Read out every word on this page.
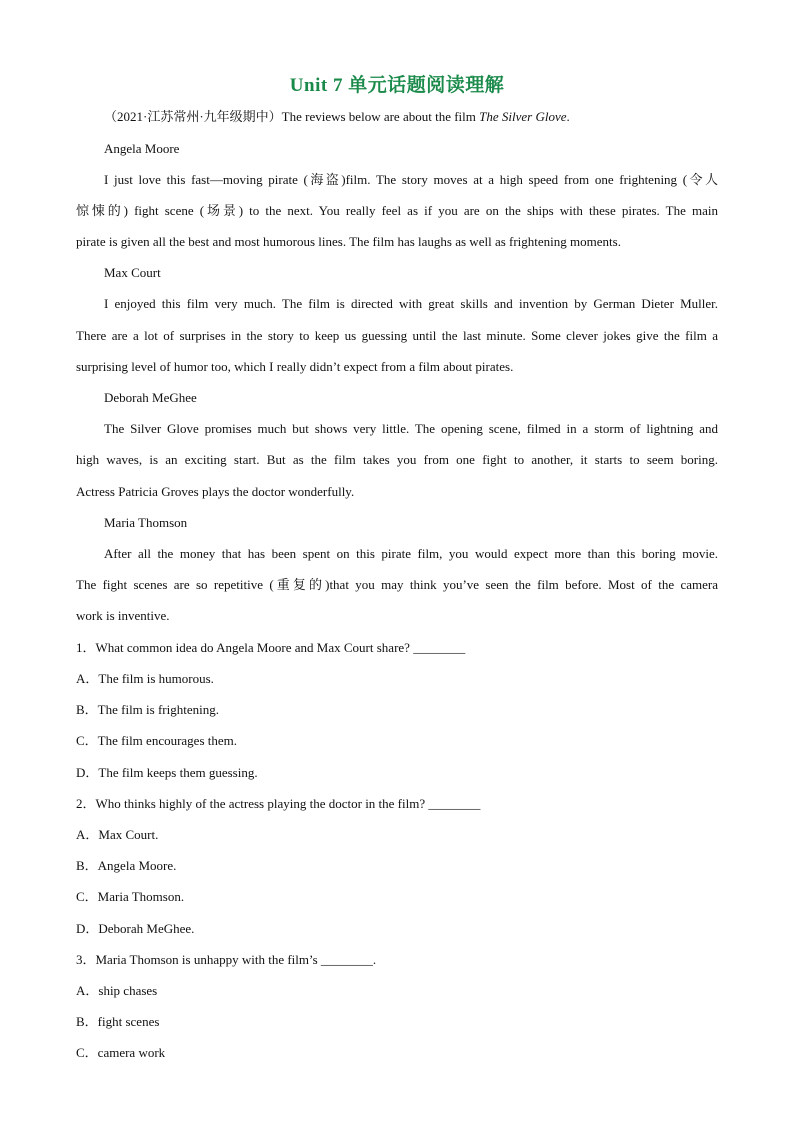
Unit 7 单元话题阅读理解
（2021·江苏常州·九年级期中）The reviews below are about the film The Silver Glove.
Angela Moore
I just love this fast—moving pirate (海盗)film. The story moves at a high speed from one frightening (令人
惊悚的) fight scene (场景) to the next. You really feel as if you are on the ships with these pirates. The main
pirate is given all the best and most humorous lines. The film has laughs as well as frightening moments.
Max Court
I enjoyed this film very much. The film is directed with great skills and invention by German Dieter Muller.
There are a lot of surprises in the story to keep us guessing until the last minute. Some clever jokes give the film a
surprising level of humor too, which I really didn’t expect from a film about pirates.
Deborah MeGhee
The Silver Glove promises much but shows very little. The opening scene, filmed in a storm of lightning and
high waves, is an exciting start. But as the film takes you from one fight to another, it starts to seem boring.
Actress Patricia Groves plays the doctor wonderfully.
Maria Thomson
After all the money that has been spent on this pirate film, you would expect more than this boring movie.
The fight scenes are so repetitive (重复的)that you may think you’ve seen the film before. Most of the camera
work is inventive.
1．What common idea do Angela Moore and Max Court share? ________
A．The film is humorous.
B．The film is frightening.
C．The film encourages them.
D．The film keeps them guessing.
2．Who thinks highly of the actress playing the doctor in the film? ________
A．Max Court.
B．Angela Moore.
C．Maria Thomson.
D．Deborah MeGhee.
3．Maria Thomson is unhappy with the film’s ________.
A．ship chases
B．fight scenes
C．camera work
